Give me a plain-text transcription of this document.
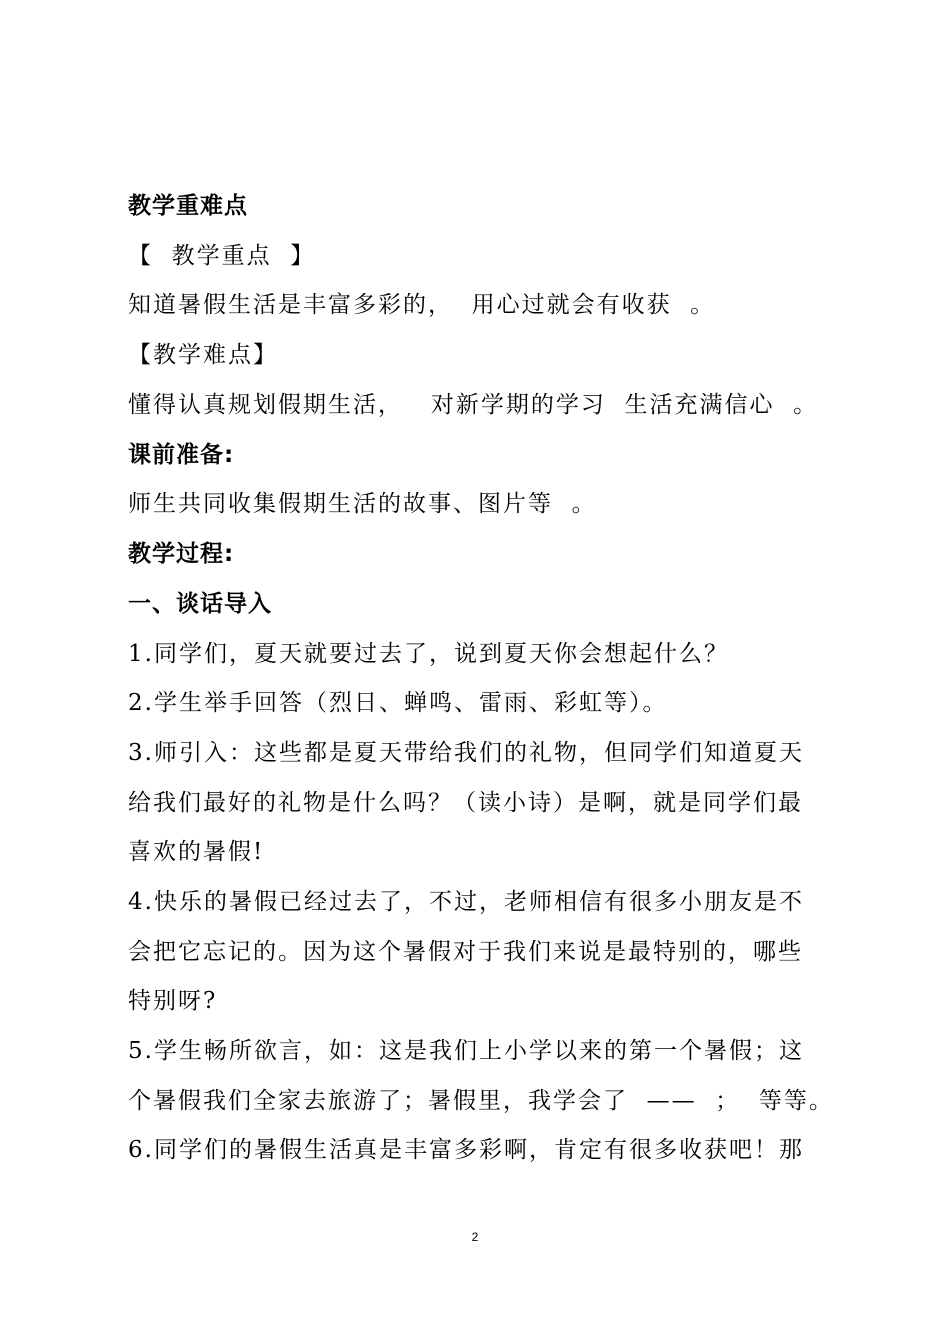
教学重难点
【  教学重点  】
知道暑假生活是丰富多彩的，  用心过就会有收获  。
【教学难点】
懂得认真规划假期生活，   对新学期的学习  生活充满信心  。
课前准备:
师生共同收集假期生活的故事、图片等  。
教学过程:
一、谈话导入
1.同学们，夏天就要过去了，说到夏天你会想起什么？
2.学生举手回答（烈日、蝉鸣、雷雨、彩虹等）。
3.师引入：这些都是夏天带给我们的礼物，但同学们知道夏天
给我们最好的礼物是什么吗？（读小诗）是啊，就是同学们最
喜欢的暑假!
4.快乐的暑假已经过去了，不过，老师相信有很多小朋友是不
会把它忘记的。因为这个暑假对于我们来说是最特别的，哪些
特别呀?
5.学生畅所欲言，如：这是我们上小学以来的第一个暑假；这
个暑假我们全家去旅游了；暑假里，我学会了  ——  ；  等等。
6.同学们的暑假生活真是丰富多彩啊，肯定有很多收获吧！那
2
